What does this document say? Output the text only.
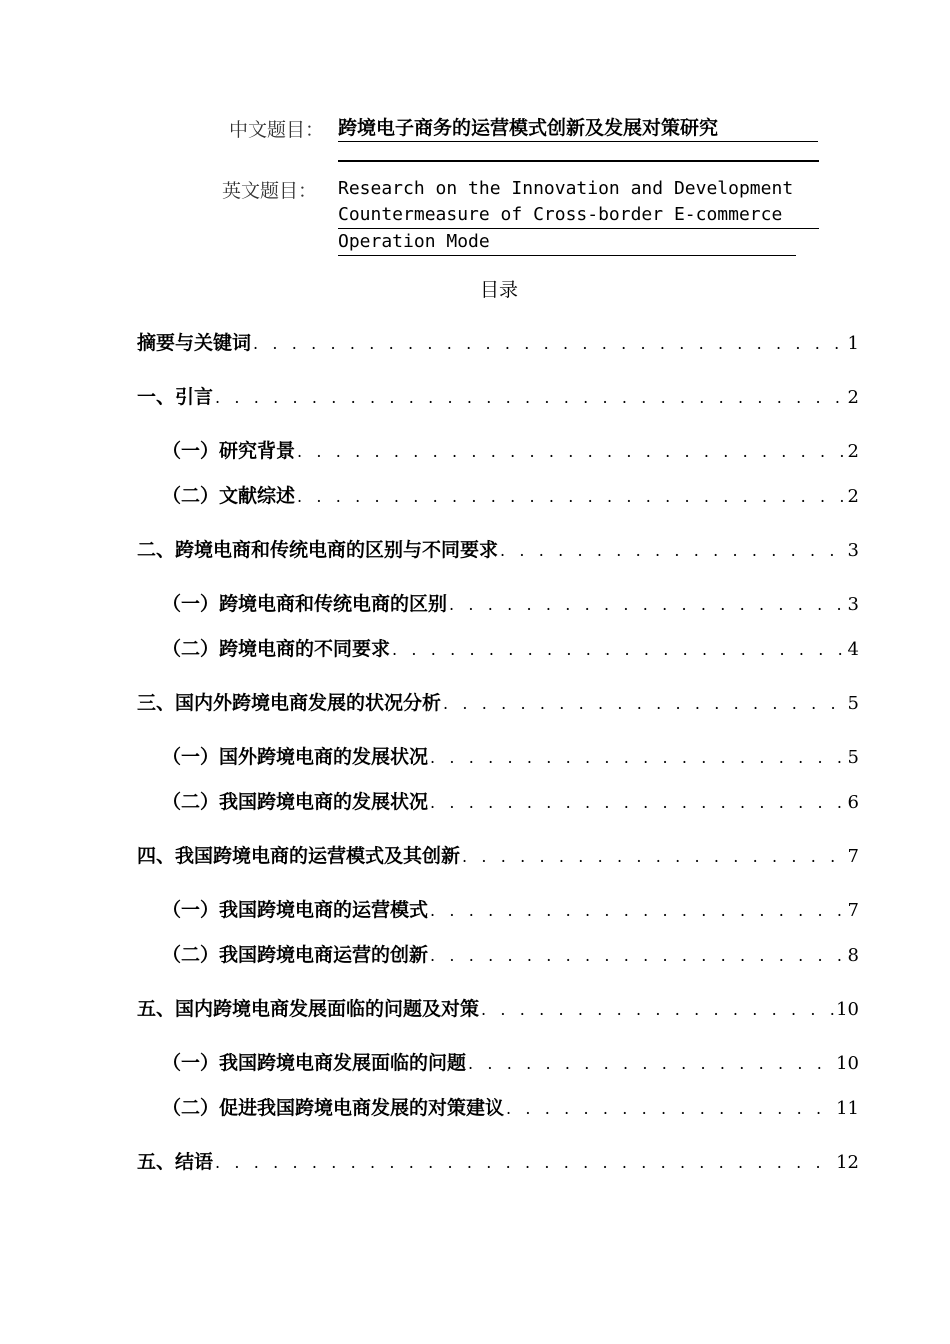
中文题目： 跨境电子商务的运营模式创新及发展对策研究
英文题目： Research on the Innovation and Development
Countermeasure of Cross-border E-commerce
Operation Mode
目录
摘要与关键词 . . .	1
一、引言 . . .	2
（一）研究背景 . . .	2
（二）文献综述 . . .	2
二、跨境电商和传统电商的区别与不同要求 . . .	3
（一）跨境电商和传统电商的区别 . . .	3
（二）跨境电商的不同要求 . . .	4
三、国内外跨境电商发展的状况分析 . . .	5
（一）国外跨境电商的发展状况 . . .	5
（二）我国跨境电商的发展状况 . . .	6
四、我国跨境电商的运营模式及其创新 . . .	7
（一）我国跨境电商的运营模式 . . .	7
（二）我国跨境电商运营的创新 . . .	8
五、国内跨境电商发展面临的问题及对策 . . .	10
（一）我国跨境电商发展面临的问题 . . .	10
（二）促进我国跨境电商发展的对策建议 . . .	11
五、结语 . . .	12
